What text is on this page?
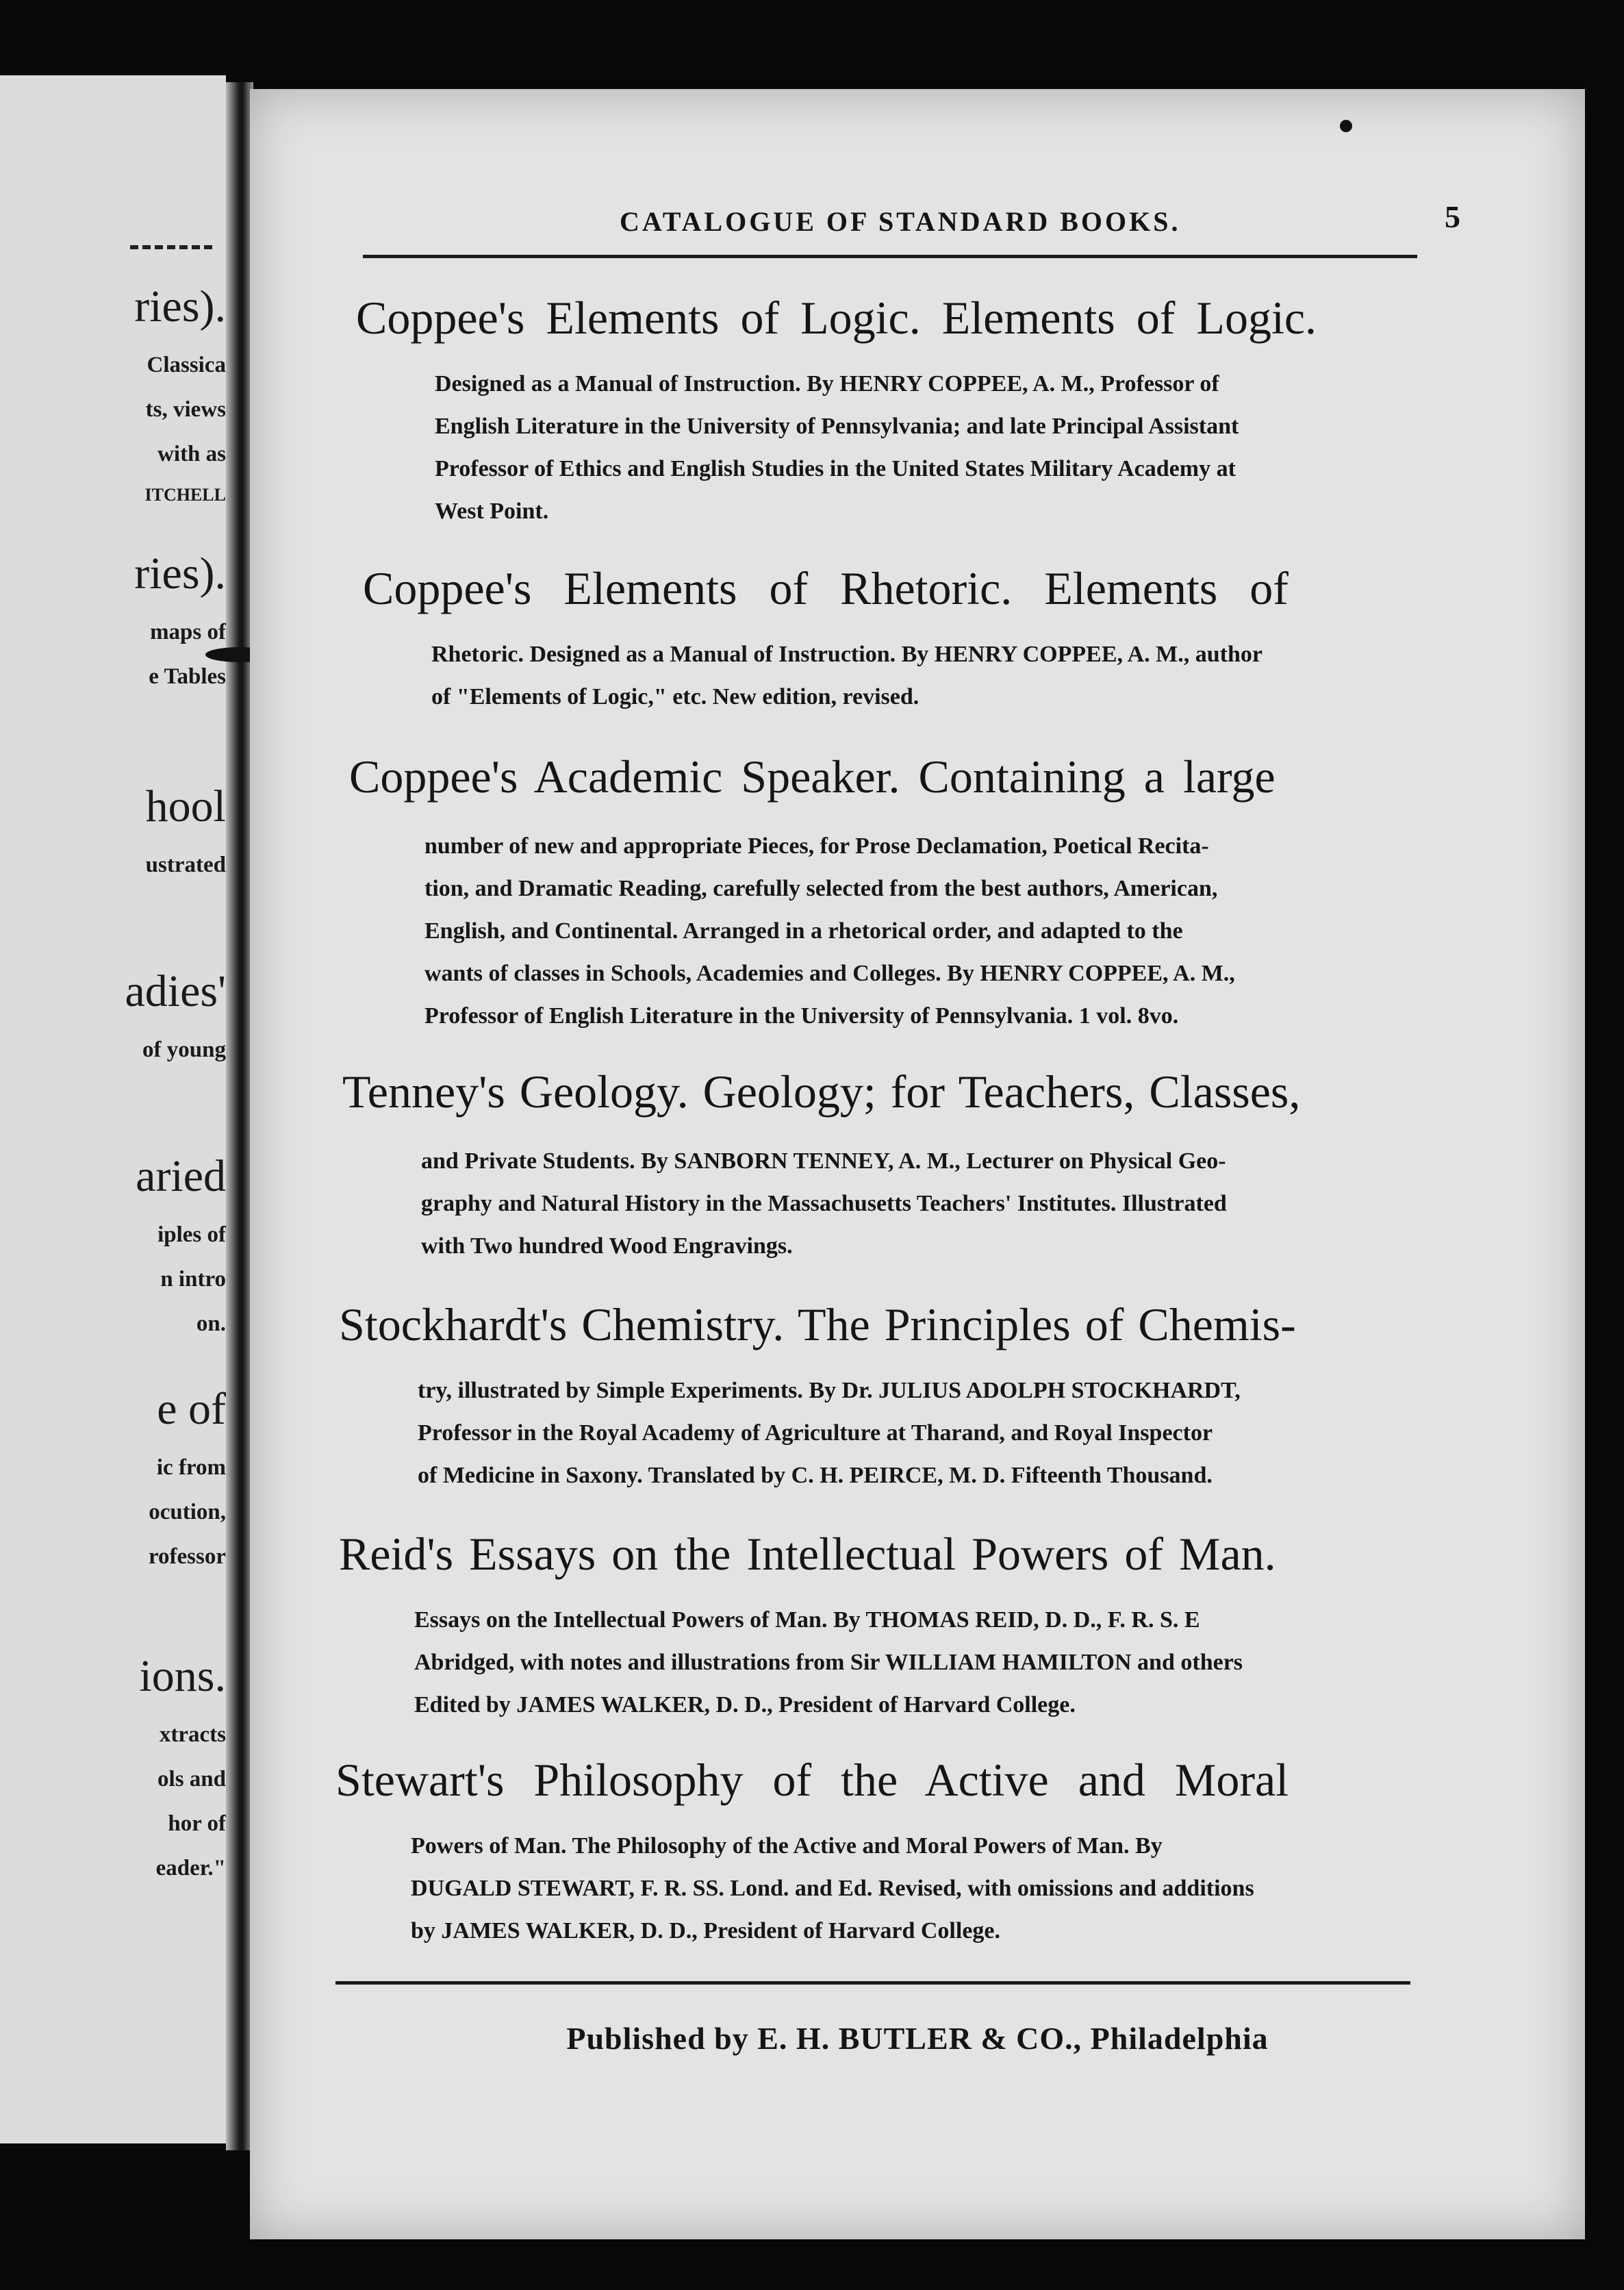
ries).
Classica
ts, views
with as
ITCHELL
ries).
maps of
e Tables
hool
ustrated
adies'
of young
aried
iples of
n intro
on.
e of
ic from
ocution,
rofessor
ions.
xtracts
ols and
hor of
eader."
CATALOGUE OF STANDARD BOOKS.	5
Coppee's Elements of Logic. Elements of Logic.
Designed as a Manual of Instruction. By HENRY COPPEE, A. M., Professor of
English Literature in the University of Pennsylvania; and late Principal Assistant
Professor of Ethics and English Studies in the United States Military Academy at
West Point.
Coppee's Elements of Rhetoric. Elements of
Rhetoric. Designed as a Manual of Instruction. By HENRY COPPEE, A. M., author
of "Elements of Logic," etc. New edition, revised.
Coppee's Academic Speaker. Containing a large
number of new and appropriate Pieces, for Prose Declamation, Poetical Recita-
tion, and Dramatic Reading, carefully selected from the best authors, American,
English, and Continental. Arranged in a rhetorical order, and adapted to the
wants of classes in Schools, Academies and Colleges. By HENRY COPPEE, A. M.,
Professor of English Literature in the University of Pennsylvania. 1 vol. 8vo.
Tenney's Geology. Geology; for Teachers, Classes,
and Private Students. By SANBORN TENNEY, A. M., Lecturer on Physical Geo-
graphy and Natural History in the Massachusetts Teachers' Institutes. Illustrated
with Two hundred Wood Engravings.
Stockhardt's Chemistry. The Principles of Chemis-
try, illustrated by Simple Experiments. By Dr. JULIUS ADOLPH STOCKHARDT,
Professor in the Royal Academy of Agriculture at Tharand, and Royal Inspector
of Medicine in Saxony. Translated by C. H. PEIRCE, M. D. Fifteenth Thousand.
Reid's Essays on the Intellectual Powers of Man.
Essays on the Intellectual Powers of Man. By THOMAS REID, D. D., F. R. S. E
Abridged, with notes and illustrations from Sir WILLIAM HAMILTON and others
Edited by JAMES WALKER, D. D., President of Harvard College.
Stewart's Philosophy of the Active and Moral
Powers of Man. The Philosophy of the Active and Moral Powers of Man. By
DUGALD STEWART, F. R. SS. Lond. and Ed. Revised, with omissions and additions
by JAMES WALKER, D. D., President of Harvard College.
Published by E. H. BUTLER & CO., Philadelphia
